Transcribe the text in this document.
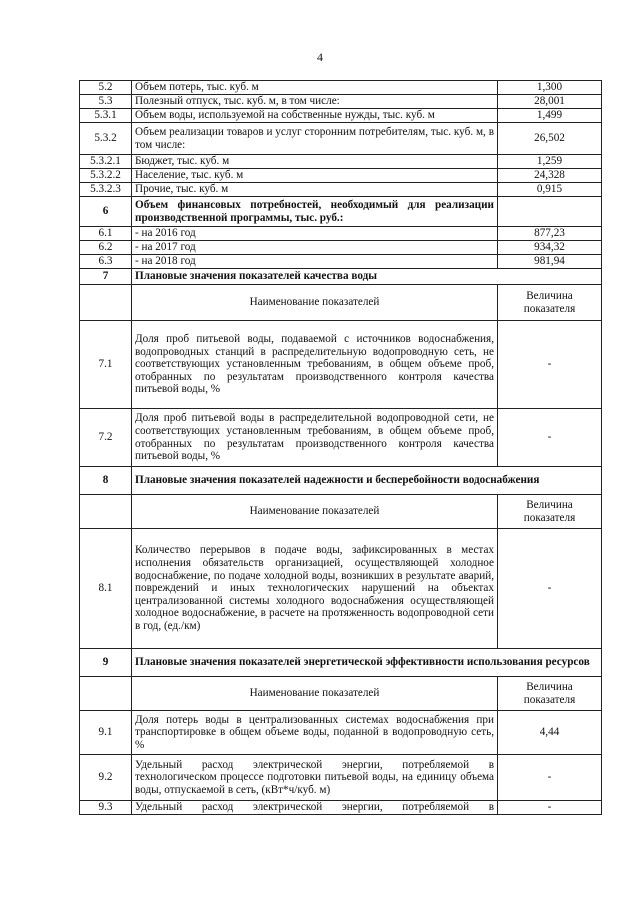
4
5.2	Объем потерь, тыс. куб. м	1,300
5.3	Полезный отпуск, тыс. куб. м, в том числе:	28,001
5.3.1	Объем воды, используемой на собственные нужды, тыс. куб. м	1,499
5.3.2	Объем реализации товаров и услуг сторонним потребителям, тыс. куб. м, в том числе:	26,502
5.3.2.1	Бюджет, тыс. куб. м	1,259
5.3.2.2	Население, тыс. куб. м	24,328
5.3.2.3	Прочие, тыс. куб. м	0,915
6	Объем финансовых потребностей, необходимый для реализации производственной программы, тыс. руб.:	
6.1	- на 2016 год	877,23
6.2	- на 2017 год	934,32
6.3	- на 2018 год	981,94
7	Плановые значения показателей качества воды	
	Наименование показателей	Величина показателя
7.1	Доля проб питьевой воды, подаваемой с источников водоснабжения, водопроводных станций в распределительную водопроводную сеть, не соответствующих установленным требованиям, в общем объеме проб, отобранных по результатам производственного контроля качества питьевой воды, %	-
7.2	Доля проб питьевой воды в распределительной водопроводной сети, не соответствующих установленным требованиям, в общем объеме проб, отобранных по результатам производственного контроля качества питьевой воды, %	-
8	Плановые значения показателей надежности и бесперебойности водоснабжения	
	Наименование показателей	Величина показателя
8.1	Количество перерывов в подаче воды, зафиксированных в местах исполнения обязательств организацией, осуществляющей холодное водоснабжение, по подаче холодной воды, возникших в результате аварий, повреждений и иных технологических нарушений на объектах централизованной системы холодного водоснабжения осуществляющей холодное водоснабжение, в расчете на протяженность водопроводной сети в год, (ед./км)	-
9	Плановые значения показателей энергетической эффективности использования ресурсов	
	Наименование показателей	Величина показателя
9.1	Доля потерь воды в централизованных системах водоснабжения при транспортировке в общем объеме воды, поданной в водопроводную сеть, %	4,44
9.2	Удельный расход электрической энергии, потребляемой в технологическом процессе подготовки питьевой воды, на единицу объема воды, отпускаемой в сеть, (кВт*ч/куб. м)	-
9.3	Удельный расход электрической энергии, потребляемой в	-
